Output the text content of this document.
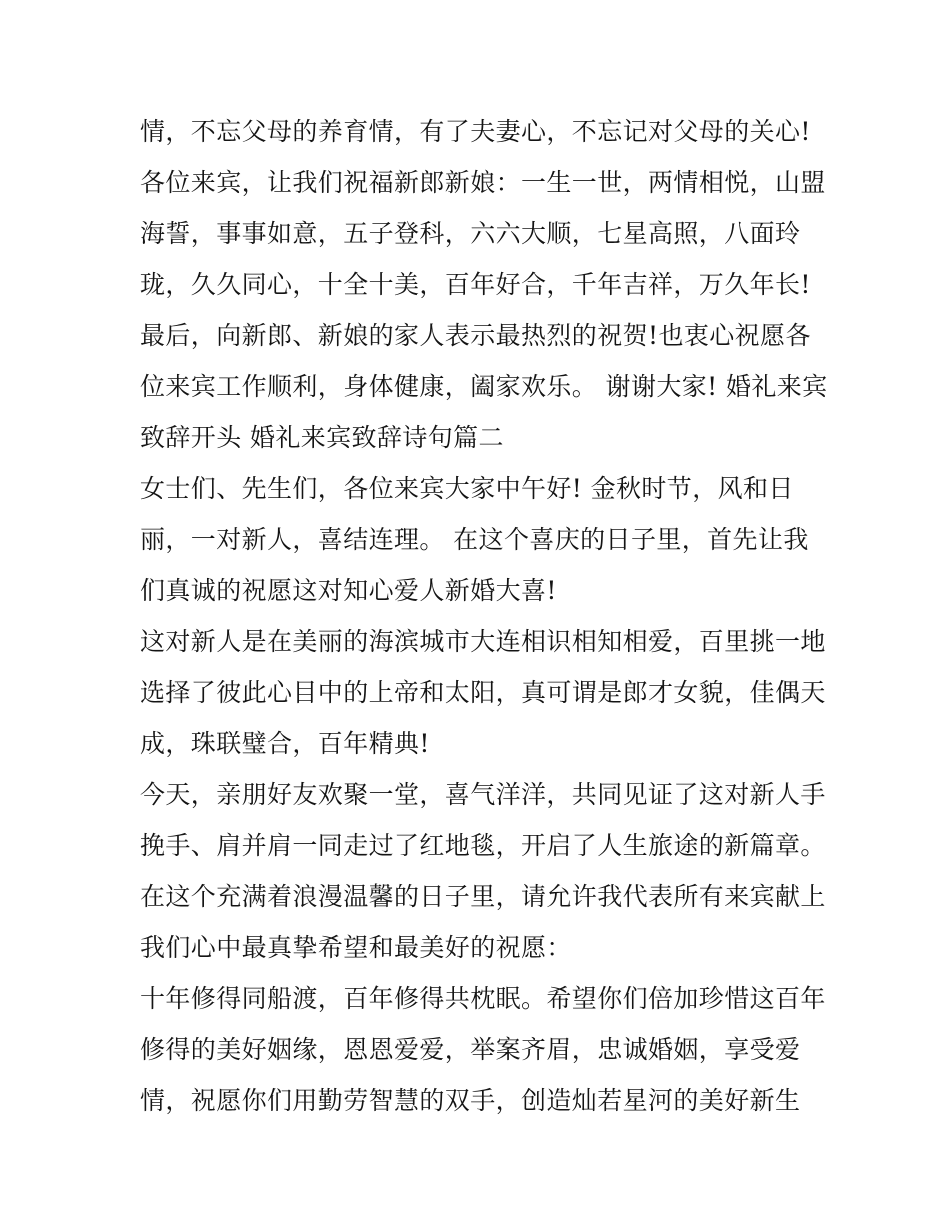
情，不忘父母的养育情，有了夫妻心，不忘记对父母的关心!
各位来宾，让我们祝福新郎新娘：一生一世，两情相悦，山盟
海誓，事事如意，五子登科，六六大顺，七星高照，八面玲
珑，久久同心，十全十美，百年好合，千年吉祥，万久年长!
最后，向新郎、新娘的家人表示最热烈的祝贺!也衷心祝愿各
位来宾工作顺利，身体健康，阖家欢乐。 谢谢大家! 婚礼来宾
致辞开头 婚礼来宾致辞诗句篇二
女士们、先生们，各位来宾大家中午好! 金秋时节，风和日
丽，一对新人，喜结连理。 在这个喜庆的日子里，首先让我
们真诚的祝愿这对知心爱人新婚大喜!
这对新人是在美丽的海滨城市大连相识相知相爱，百里挑一地
选择了彼此心目中的上帝和太阳，真可谓是郎才女貌，佳偶天
成，珠联璧合，百年精典!
今天，亲朋好友欢聚一堂，喜气洋洋，共同见证了这对新人手
挽手、肩并肩一同走过了红地毯，开启了人生旅途的新篇章。
在这个充满着浪漫温馨的日子里，请允许我代表所有来宾献上
我们心中最真挚希望和最美好的祝愿：
十年修得同船渡，百年修得共枕眠。希望你们倍加珍惜这百年
修得的美好姻缘，恩恩爱爱，举案齐眉，忠诚婚姻，享受爱
情，祝愿你们用勤劳智慧的双手，创造灿若星河的美好新生
